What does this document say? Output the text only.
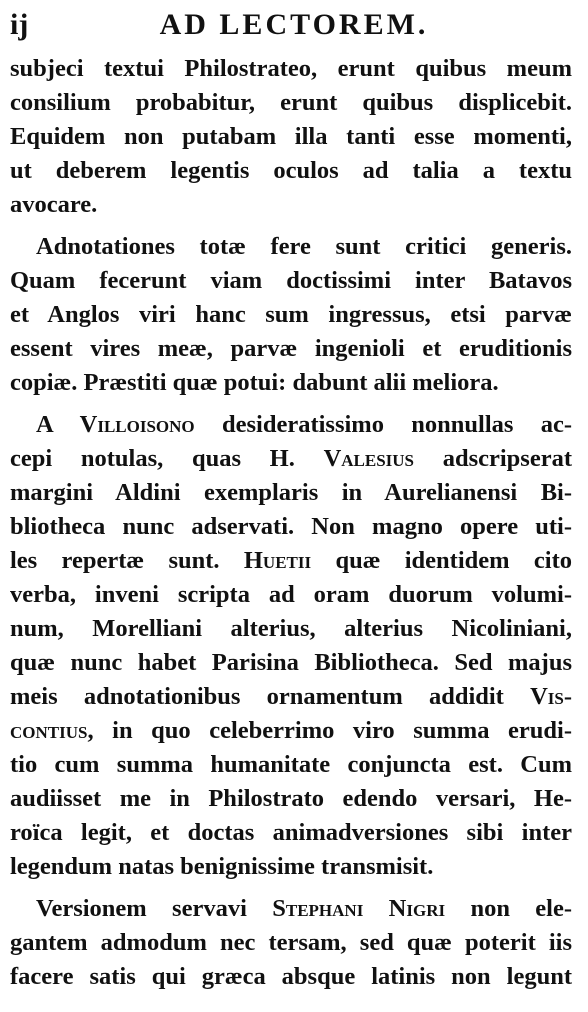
ij	AD LECTOREM.
subjeci textui Philostrateo, erunt quibus meum
consilium probabitur, erunt quibus displicebit.
Equidem non putabam illa tanti esse momenti,
ut deberem legentis oculos ad talia a textu
avocare.
Adnotationes totæ fere sunt critici generis.
Quam fecerunt viam doctissimi inter Batavos
et Anglos viri hanc sum ingressus, etsi parvæ
essent vires meæ, parvæ ingenioli et eruditionis
copiæ. Præstiti quæ potui: dabunt alii meliora.
A Villoisono desideratissimo nonnullas ac-
cepi notulas, quas H. Valesius adscripserat
margini Aldini exemplaris in Aurelianensi Bi-
bliotheca nunc adservati. Non magno opere uti-
les repertæ sunt. Huetii quæ identidem cito
verba, inveni scripta ad oram duorum volumi-
num, Morelliani alterius, alterius Nicoliniani,
quæ nunc habet Parisina Bibliotheca. Sed majus
meis adnotationibus ornamentum addidit Vis-
contius, in quo celeberrimo viro summa erudi-
tio cum summa humanitate conjuncta est. Cum
audiisset me in Philostrato edendo versari, He-
roïca legit, et doctas animadversiones sibi inter
legendum natas benignissime transmisit.
Versionem servavi Stephani Nigri non ele-
gantem admodum nec tersam, sed quæ poterit iis
facere satis qui græca absque latinis non legunt
